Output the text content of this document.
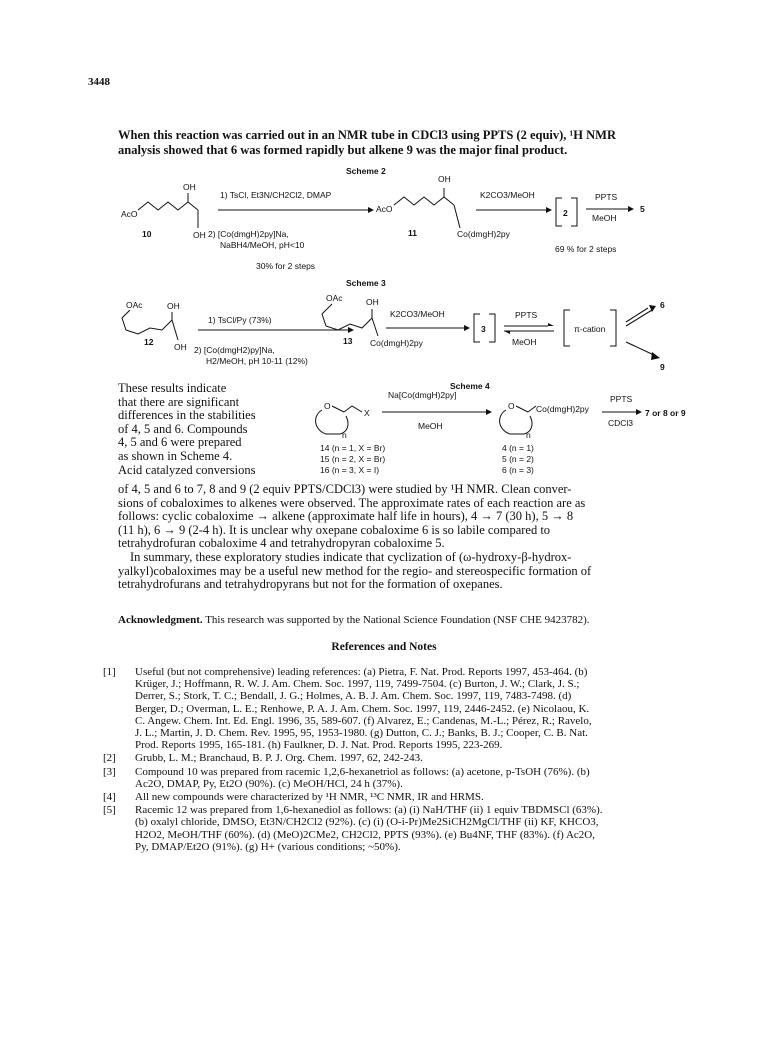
3448
When this reaction was carried out in an NMR tube in CDCl3 using PPTS (2 equiv), ¹H NMR
analysis showed that 6 was formed rapidly but alkene 9 was the major final product.
Scheme 2
AcO
OH
OH
10
1) TsCl, Et3N/CH2Cl2, DMAP
2) [Co(dmgH)2py]Na,
NaBH4/MeOH, pH<10
30% for 2 steps
AcO
OH
11	Co(dmgH)2py
K2CO3/MeOH
2
PPTS
MeOH
5
69 % for 2 steps
Scheme 3
OAc	OH
12 OH
1) TsCl/Py (73%)
2) [Co(dmgH2)py]Na,
H2/MeOH, pH 10-11 (12%)
OAc	OH
13 Co(dmgH)2py
K2CO3/MeOH
3
PPTS
MeOH
π-cation
6
9
Scheme 4
O
n
X
Na[Co(dmgH)2py]
MeOH
O
n
Co(dmgH)2py
PPTS
CDCl3
7 or 8 or 9
14 (n = 1, X = Br)
15 (n = 2, X = Br)
16 (n = 3, X = I)
4 (n = 1)
5 (n = 2)
6 (n = 3)
These results indicate
that there are significant
differences in the stabilities
of 4, 5 and 6. Compounds
4, 5 and 6 were prepared
as shown in Scheme 4.
Acid catalyzed conversions
of 4, 5 and 6 to 7, 8 and 9 (2 equiv PPTS/CDCl3) were studied by ¹H NMR. Clean conver-
sions of cobaloximes to alkenes were observed. The approximate rates of each reaction are as
follows: cyclic cobaloxime → alkene (approximate half life in hours), 4 → 7 (30 h), 5 → 8
(11 h), 6 → 9 (2-4 h). It is unclear why oxepane cobaloxime 6 is so labile compared to
tetrahydrofuran cobaloxime 4 and tetrahydropyran cobaloxime 5.
In summary, these exploratory studies indicate that cyclization of (ω-hydroxy-β-hydrox-
yalkyl)cobaloximes may be a useful new method for the regio- and stereospecific formation of
tetrahydrofurans and tetrahydropyrans but not for the formation of oxepanes.
Acknowledgment. This research was supported by the National Science Foundation (NSF CHE 9423782).
References and Notes
[1] Useful (but not comprehensive) leading references: (a) Pietra, F. Nat. Prod. Reports 1997, 453-464. (b)
Krüger, J.; Hoffmann, R. W. J. Am. Chem. Soc. 1997, 119, 7499-7504. (c) Burton, J. W.; Clark, J. S.;
Derrer, S.; Stork, T. C.; Bendall, J. G.; Holmes, A. B. J. Am. Chem. Soc. 1997, 119, 7483-7498. (d)
Berger, D.; Overman, L. E.; Renhowe, P. A. J. Am. Chem. Soc. 1997, 119, 2446-2452. (e) Nicolaou, K.
C. Angew. Chem. Int. Ed. Engl. 1996, 35, 589-607. (f) Alvarez, E.; Candenas, M.-L.; Pérez, R.; Ravelo,
J. L.; Martin, J. D. Chem. Rev. 1995, 95, 1953-1980. (g) Dutton, C. J.; Banks, B. J.; Cooper, C. B. Nat.
Prod. Reports 1995, 165-181. (h) Faulkner, D. J. Nat. Prod. Reports 1995, 223-269.
[2] Grubb, L. M.; Branchaud, B. P. J. Org. Chem. 1997, 62, 242-243.
[3] Compound 10 was prepared from racemic 1,2,6-hexanetriol as follows: (a) acetone, p-TsOH (76%). (b)
Ac2O, DMAP, Py, Et2O (90%). (c) MeOH/HCl, 24 h (37%).
[4] All new compounds were characterized by ¹H NMR, ¹³C NMR, IR and HRMS.
[5] Racemic 12 was prepared from 1,6-hexanediol as follows: (a) (i) NaH/THF (ii) 1 equiv TBDMSCl (63%).
(b) oxalyl chloride, DMSO, Et3N/CH2Cl2 (92%). (c) (i) (O-i-Pr)Me2SiCH2MgCl/THF (ii) KF, KHCO3,
H2O2, MeOH/THF (60%). (d) (MeO)2CMe2, CH2Cl2, PPTS (93%). (e) Bu4NF, THF (83%). (f) Ac2O,
Py, DMAP/Et2O (91%). (g) H+ (various conditions; ~50%).
